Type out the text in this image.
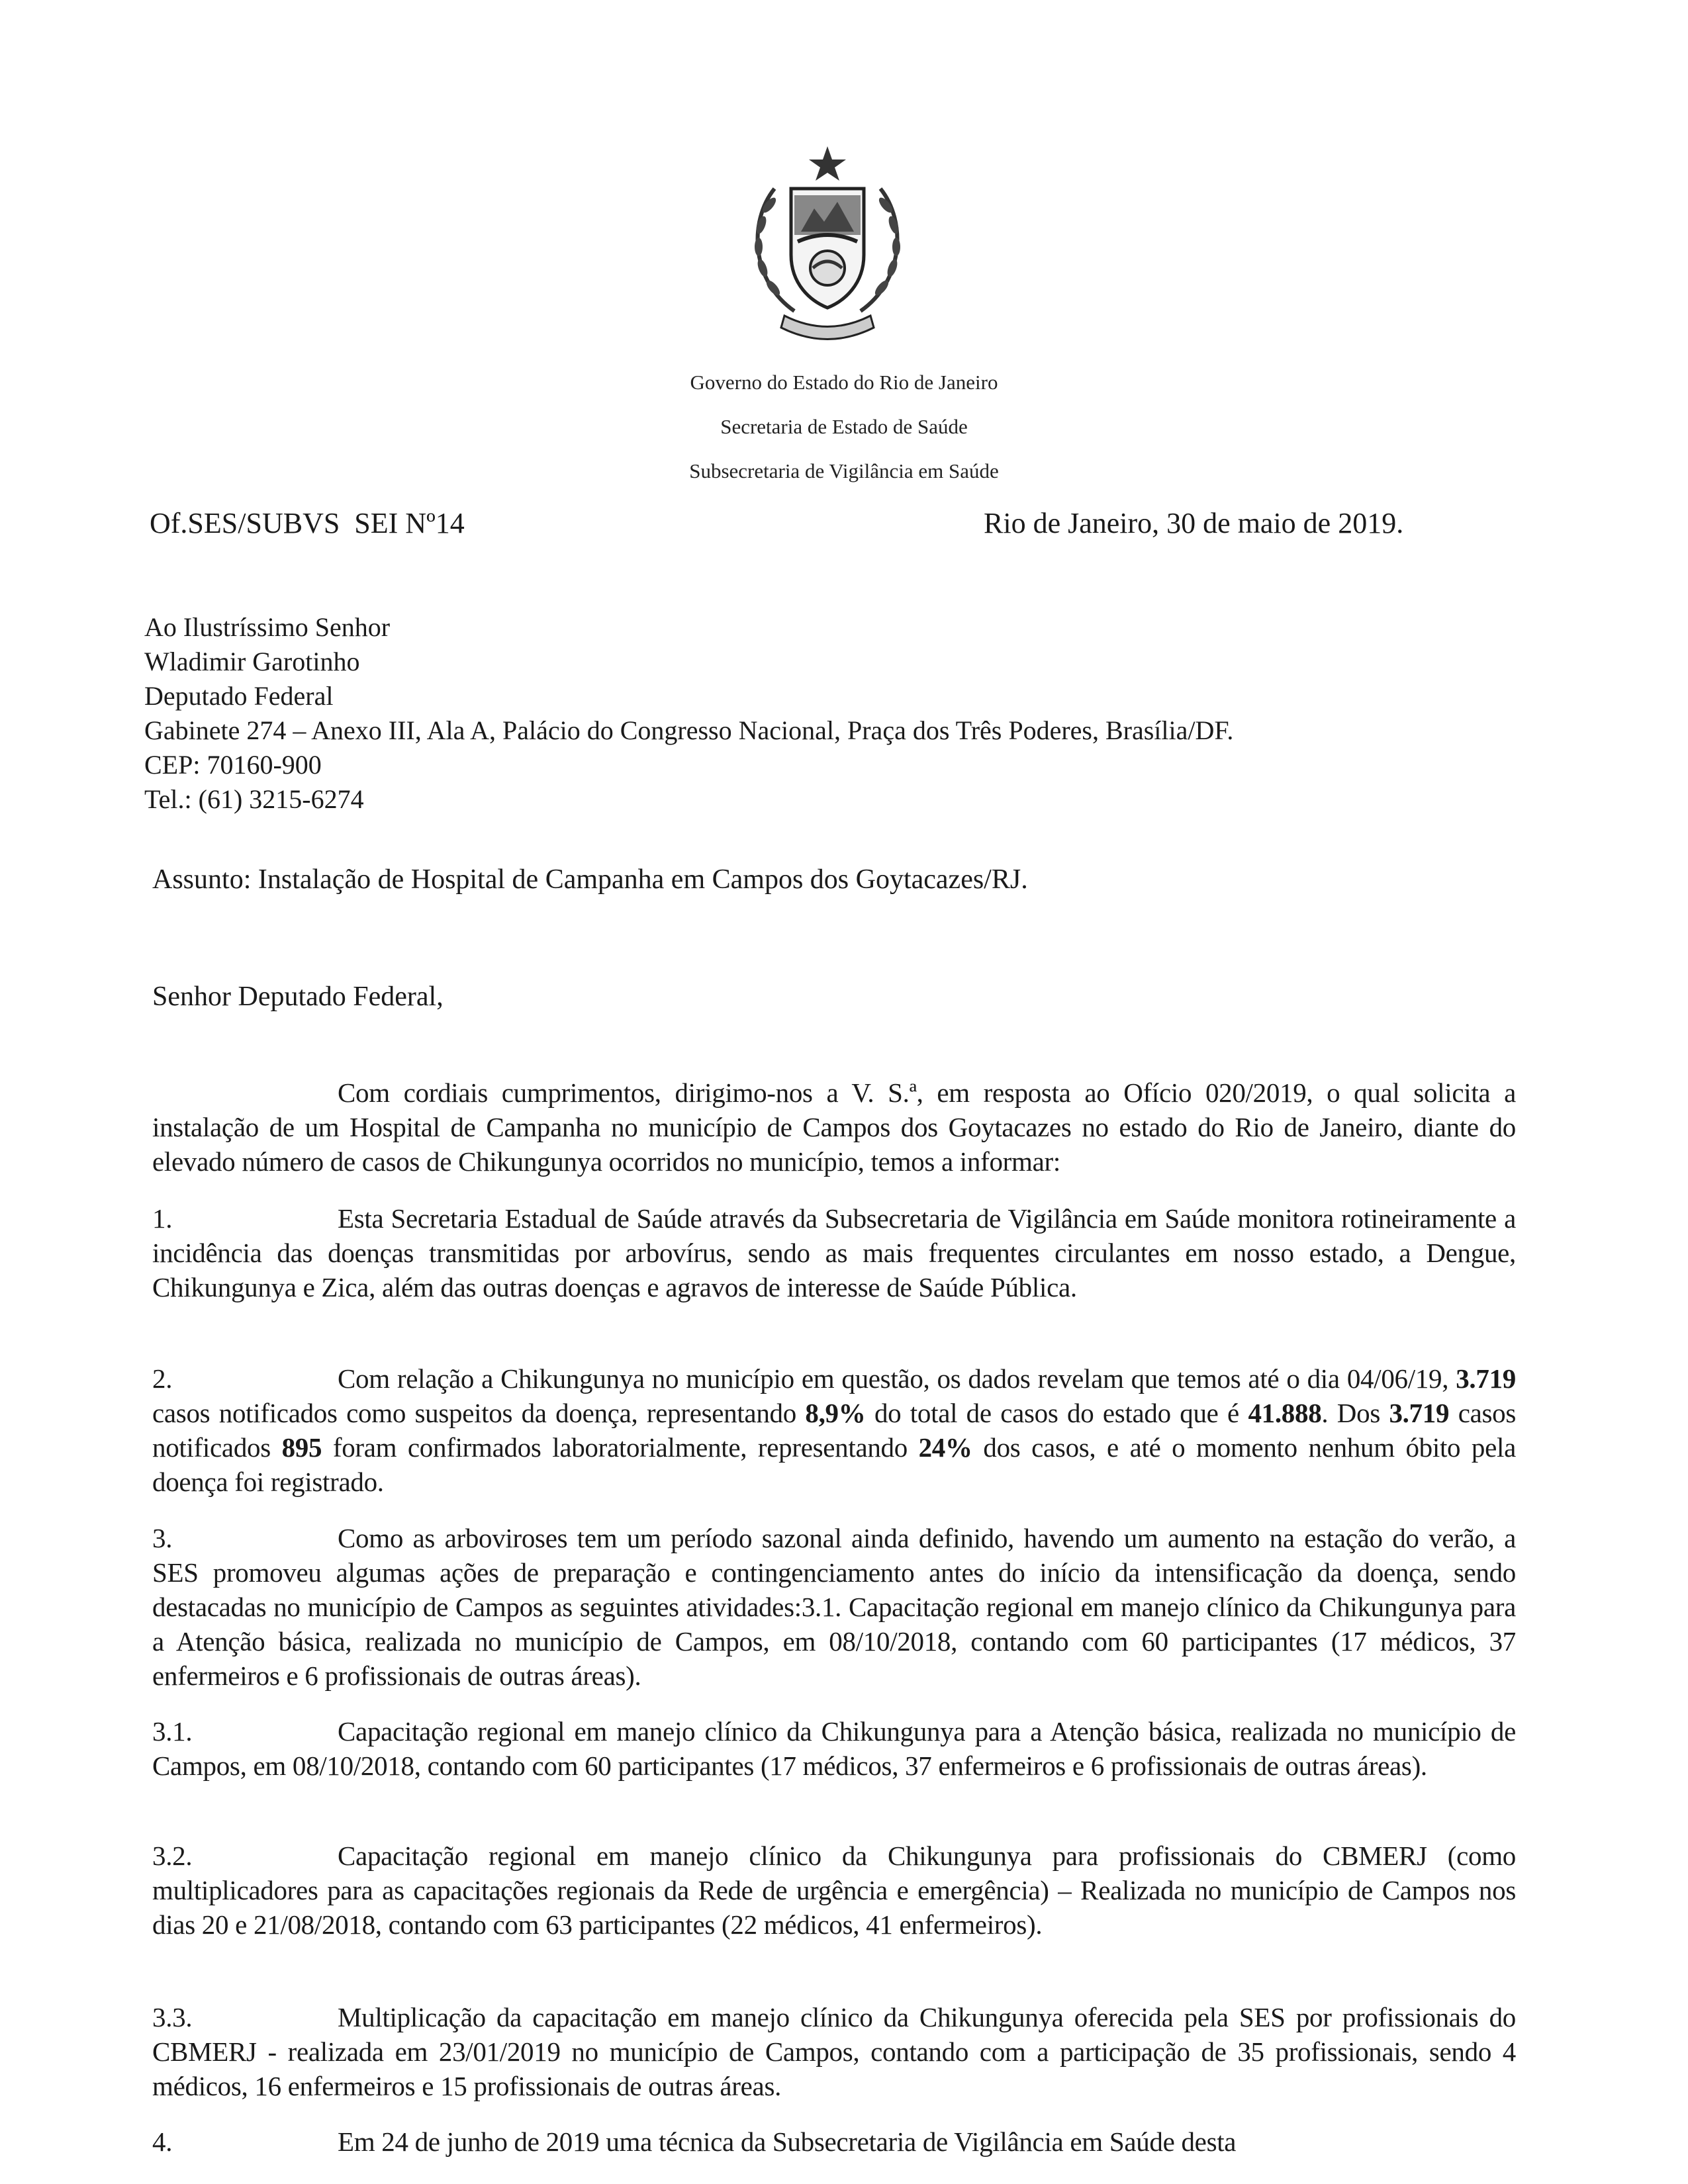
Governo do Estado do Rio de Janeiro
Secretaria de Estado de Saúde
Subsecretaria de Vigilância em Saúde
Of.SES/SUBVS  SEI Nº14	Rio de Janeiro, 30 de maio de 2019.
Ao Ilustríssimo Senhor
Wladimir Garotinho
Deputado Federal
Gabinete 274 – Anexo III, Ala A, Palácio do Congresso Nacional, Praça dos Três Poderes, Brasília/DF.
CEP: 70160-900
Tel.: (61) 3215-6274
Assunto: Instalação de Hospital de Campanha em Campos dos Goytacazes/RJ.
Senhor Deputado Federal,
Com cordiais cumprimentos, dirigimo-nos a V. S.ª, em resposta ao Ofício 020/2019, o qual solicita a instalação de um Hospital de Campanha no município de Campos dos Goytacazes no estado do Rio de Janeiro, diante do elevado número de casos de Chikungunya ocorridos no município, temos a informar:
1.	Esta Secretaria Estadual de Saúde através da Subsecretaria de Vigilância em Saúde monitora rotineiramente a incidência das doenças transmitidas por arbovírus, sendo as mais frequentes circulantes em nosso estado, a Dengue, Chikungunya e Zica, além das outras doenças e agravos de interesse de Saúde Pública.
2.	Com relação a Chikungunya no município em questão, os dados revelam que temos até o dia 04/06/19, 3.719 casos notificados como suspeitos da doença, representando 8,9% do total de casos do estado que é 41.888. Dos 3.719 casos notificados 895 foram confirmados laboratorialmente, representando 24% dos casos, e até o momento nenhum óbito pela doença foi registrado.
3.	Como as arboviroses tem um período sazonal ainda definido, havendo um aumento na estação do verão, a SES promoveu algumas ações de preparação e contingenciamento antes do início da intensificação da doença, sendo destacadas no município de Campos as seguintes atividades:3.1. Capacitação regional em manejo clínico da Chikungunya para a Atenção básica, realizada no município de Campos, em 08/10/2018, contando com 60 participantes (17 médicos, 37 enfermeiros e 6 profissionais de outras áreas).
3.1.	Capacitação regional em manejo clínico da Chikungunya para a Atenção básica, realizada no município de Campos, em 08/10/2018, contando com 60 participantes (17 médicos, 37 enfermeiros e 6 profissionais de outras áreas).
3.2.	Capacitação regional em manejo clínico da Chikungunya para profissionais do CBMERJ (como multiplicadores para as capacitações regionais da Rede de urgência e emergência) – Realizada no município de Campos nos dias 20 e 21/08/2018, contando com 63 participantes (22 médicos, 41 enfermeiros).
3.3.	Multiplicação da capacitação em manejo clínico da Chikungunya oferecida pela SES por profissionais do CBMERJ - realizada em 23/01/2019 no município de Campos, contando com a participação de 35 profissionais, sendo 4 médicos, 16 enfermeiros e 15 profissionais de outras áreas.
4.	Em 24 de junho de 2019 uma técnica da Subsecretaria de Vigilância em Saúde desta
